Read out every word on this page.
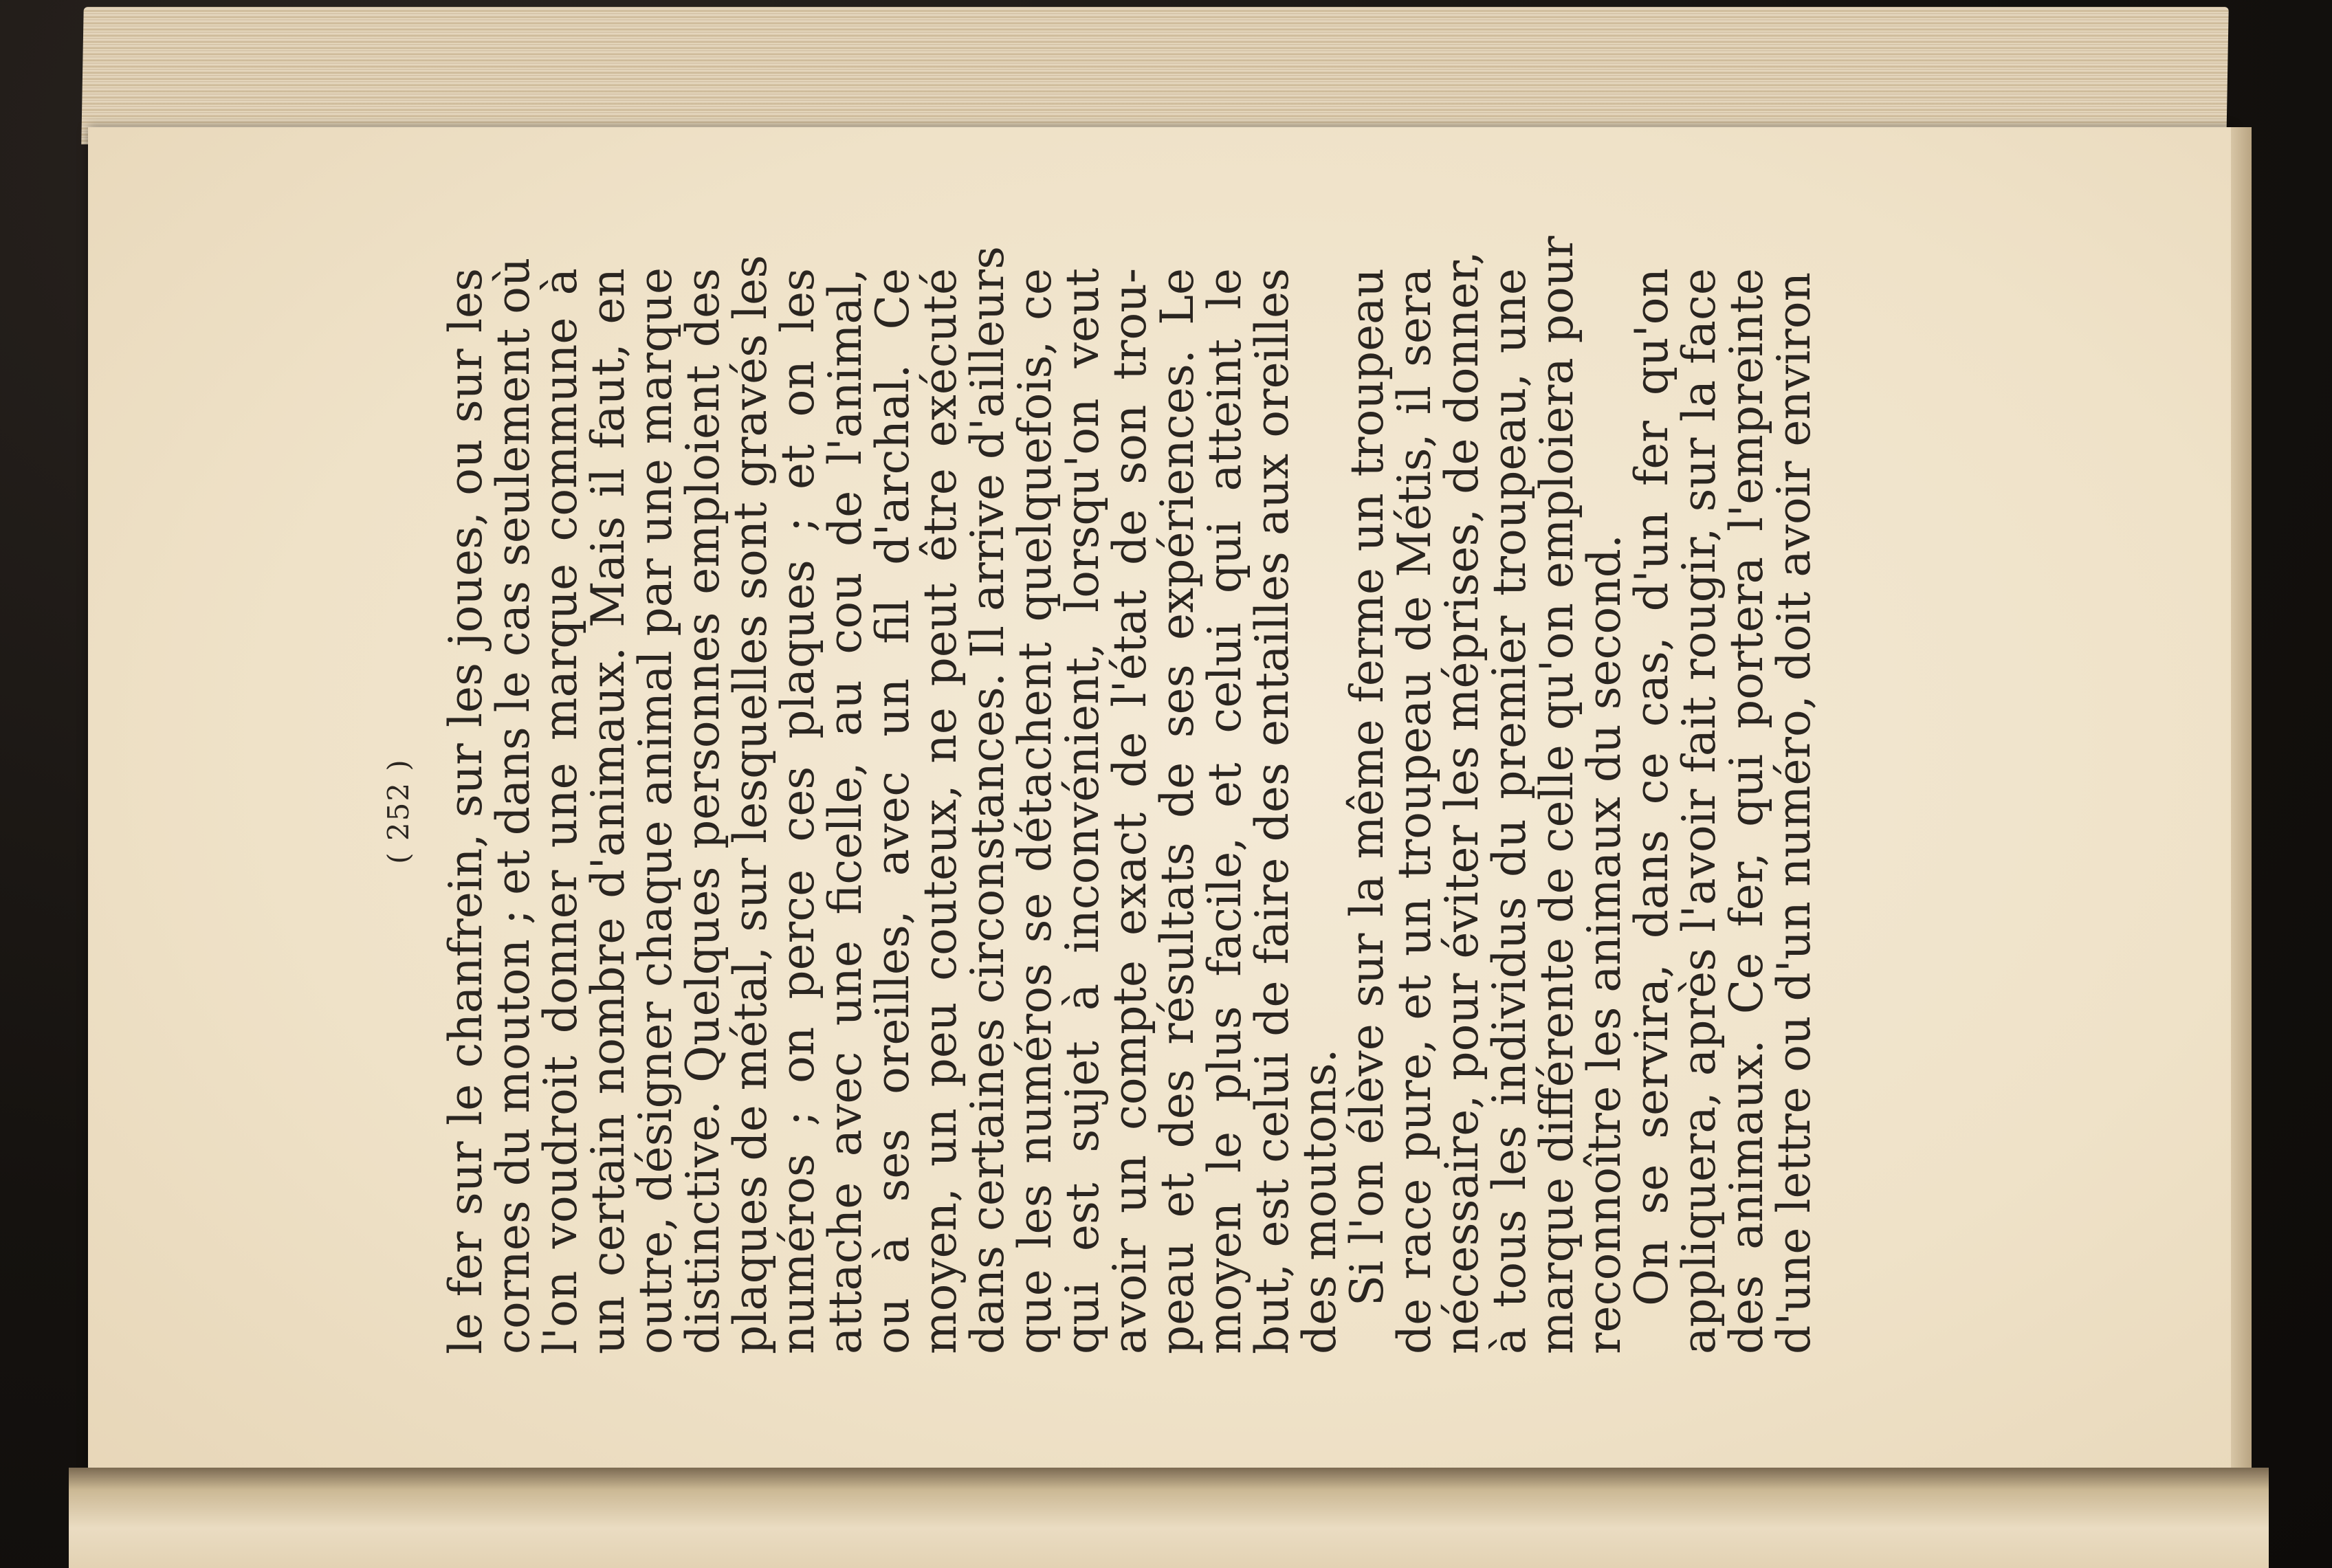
( 252 ) le fer sur le chanfrein, sur les joues, ou sur les
cornes du mouton ; et dans le cas seulement où
l'on voudroit donner une marque commune à
un certain nombre d'animaux. Mais il faut, en
outre, désigner chaque animal par une marque
distinctive. Quelques personnes emploient des
plaques de métal, sur lesquelles sont gravés les
numéros ; on perce ces plaques ; et on les
attache avec une ficelle, au cou de l'animal,
ou à ses oreilles, avec un fil d'archal. Ce
moyen, un peu couteux, ne peut être exécuté
dans certaines circonstances. Il arrive d'ailleurs
que les numéros se détachent quelquefois, ce
qui est sujet à inconvénient, lorsqu'on veut
avoir un compte exact de l'état de son trou-
peau et des résultats de ses expériences. Le
moyen le plus facile, et celui qui atteint le
but, est celui de faire des entailles aux oreilles
des moutons.

Si l'on élève sur la même ferme un troupeau
de race pure, et un troupeau de Métis, il sera
nécessaire, pour éviter les méprises, de donner,
à tous les individus du premier troupeau, une
marque différente de celle qu'on emploiera pour
reconnoître les animaux du second.

On se servira, dans ce cas, d'un fer qu'on
appliquera, après l'avoir fait rougir, sur la face
des animaux. Ce fer, qui portera l'empreinte
d'une lettre ou d'un numéro, doit avoir environ
